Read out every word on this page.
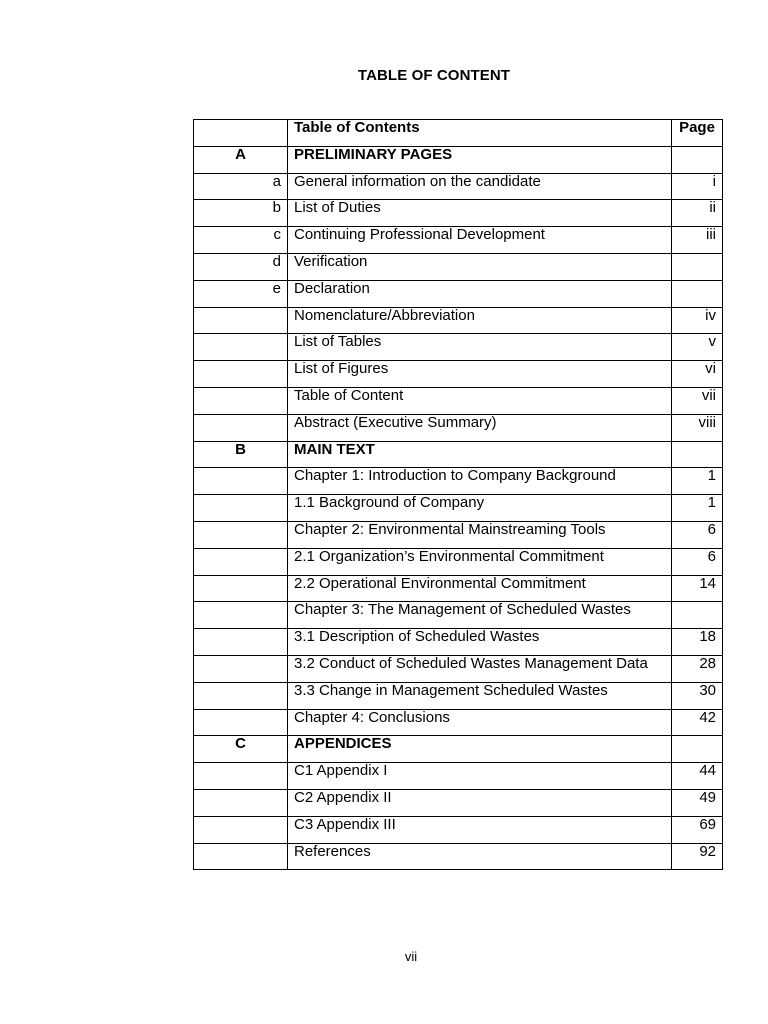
TABLE OF CONTENT
	Table of Contents	Page
A	PRELIMINARY PAGES	
a	General information on the candidate	i
b	List of Duties	ii
c	Continuing Professional Development	iii
d	Verification	
e	Declaration	
	Nomenclature/Abbreviation	iv
	List of Tables	v
	List of Figures	vi
	Table of Content	vii
	Abstract (Executive Summary)	viii
B	MAIN TEXT	
	Chapter 1: Introduction to Company Background	1
	1.1 Background of Company	1
	Chapter 2: Environmental Mainstreaming Tools	6
	2.1 Organization’s Environmental Commitment	6
	2.2 Operational Environmental Commitment	14
	Chapter 3: The Management of Scheduled Wastes	
	3.1 Description of Scheduled Wastes	18
	3.2 Conduct of Scheduled Wastes Management Data	28
	3.3 Change in Management Scheduled Wastes	30
	Chapter 4: Conclusions	42
C	APPENDICES	
	C1 Appendix I	44
	C2 Appendix II	49
	C3 Appendix III	69
	References	92
vii
